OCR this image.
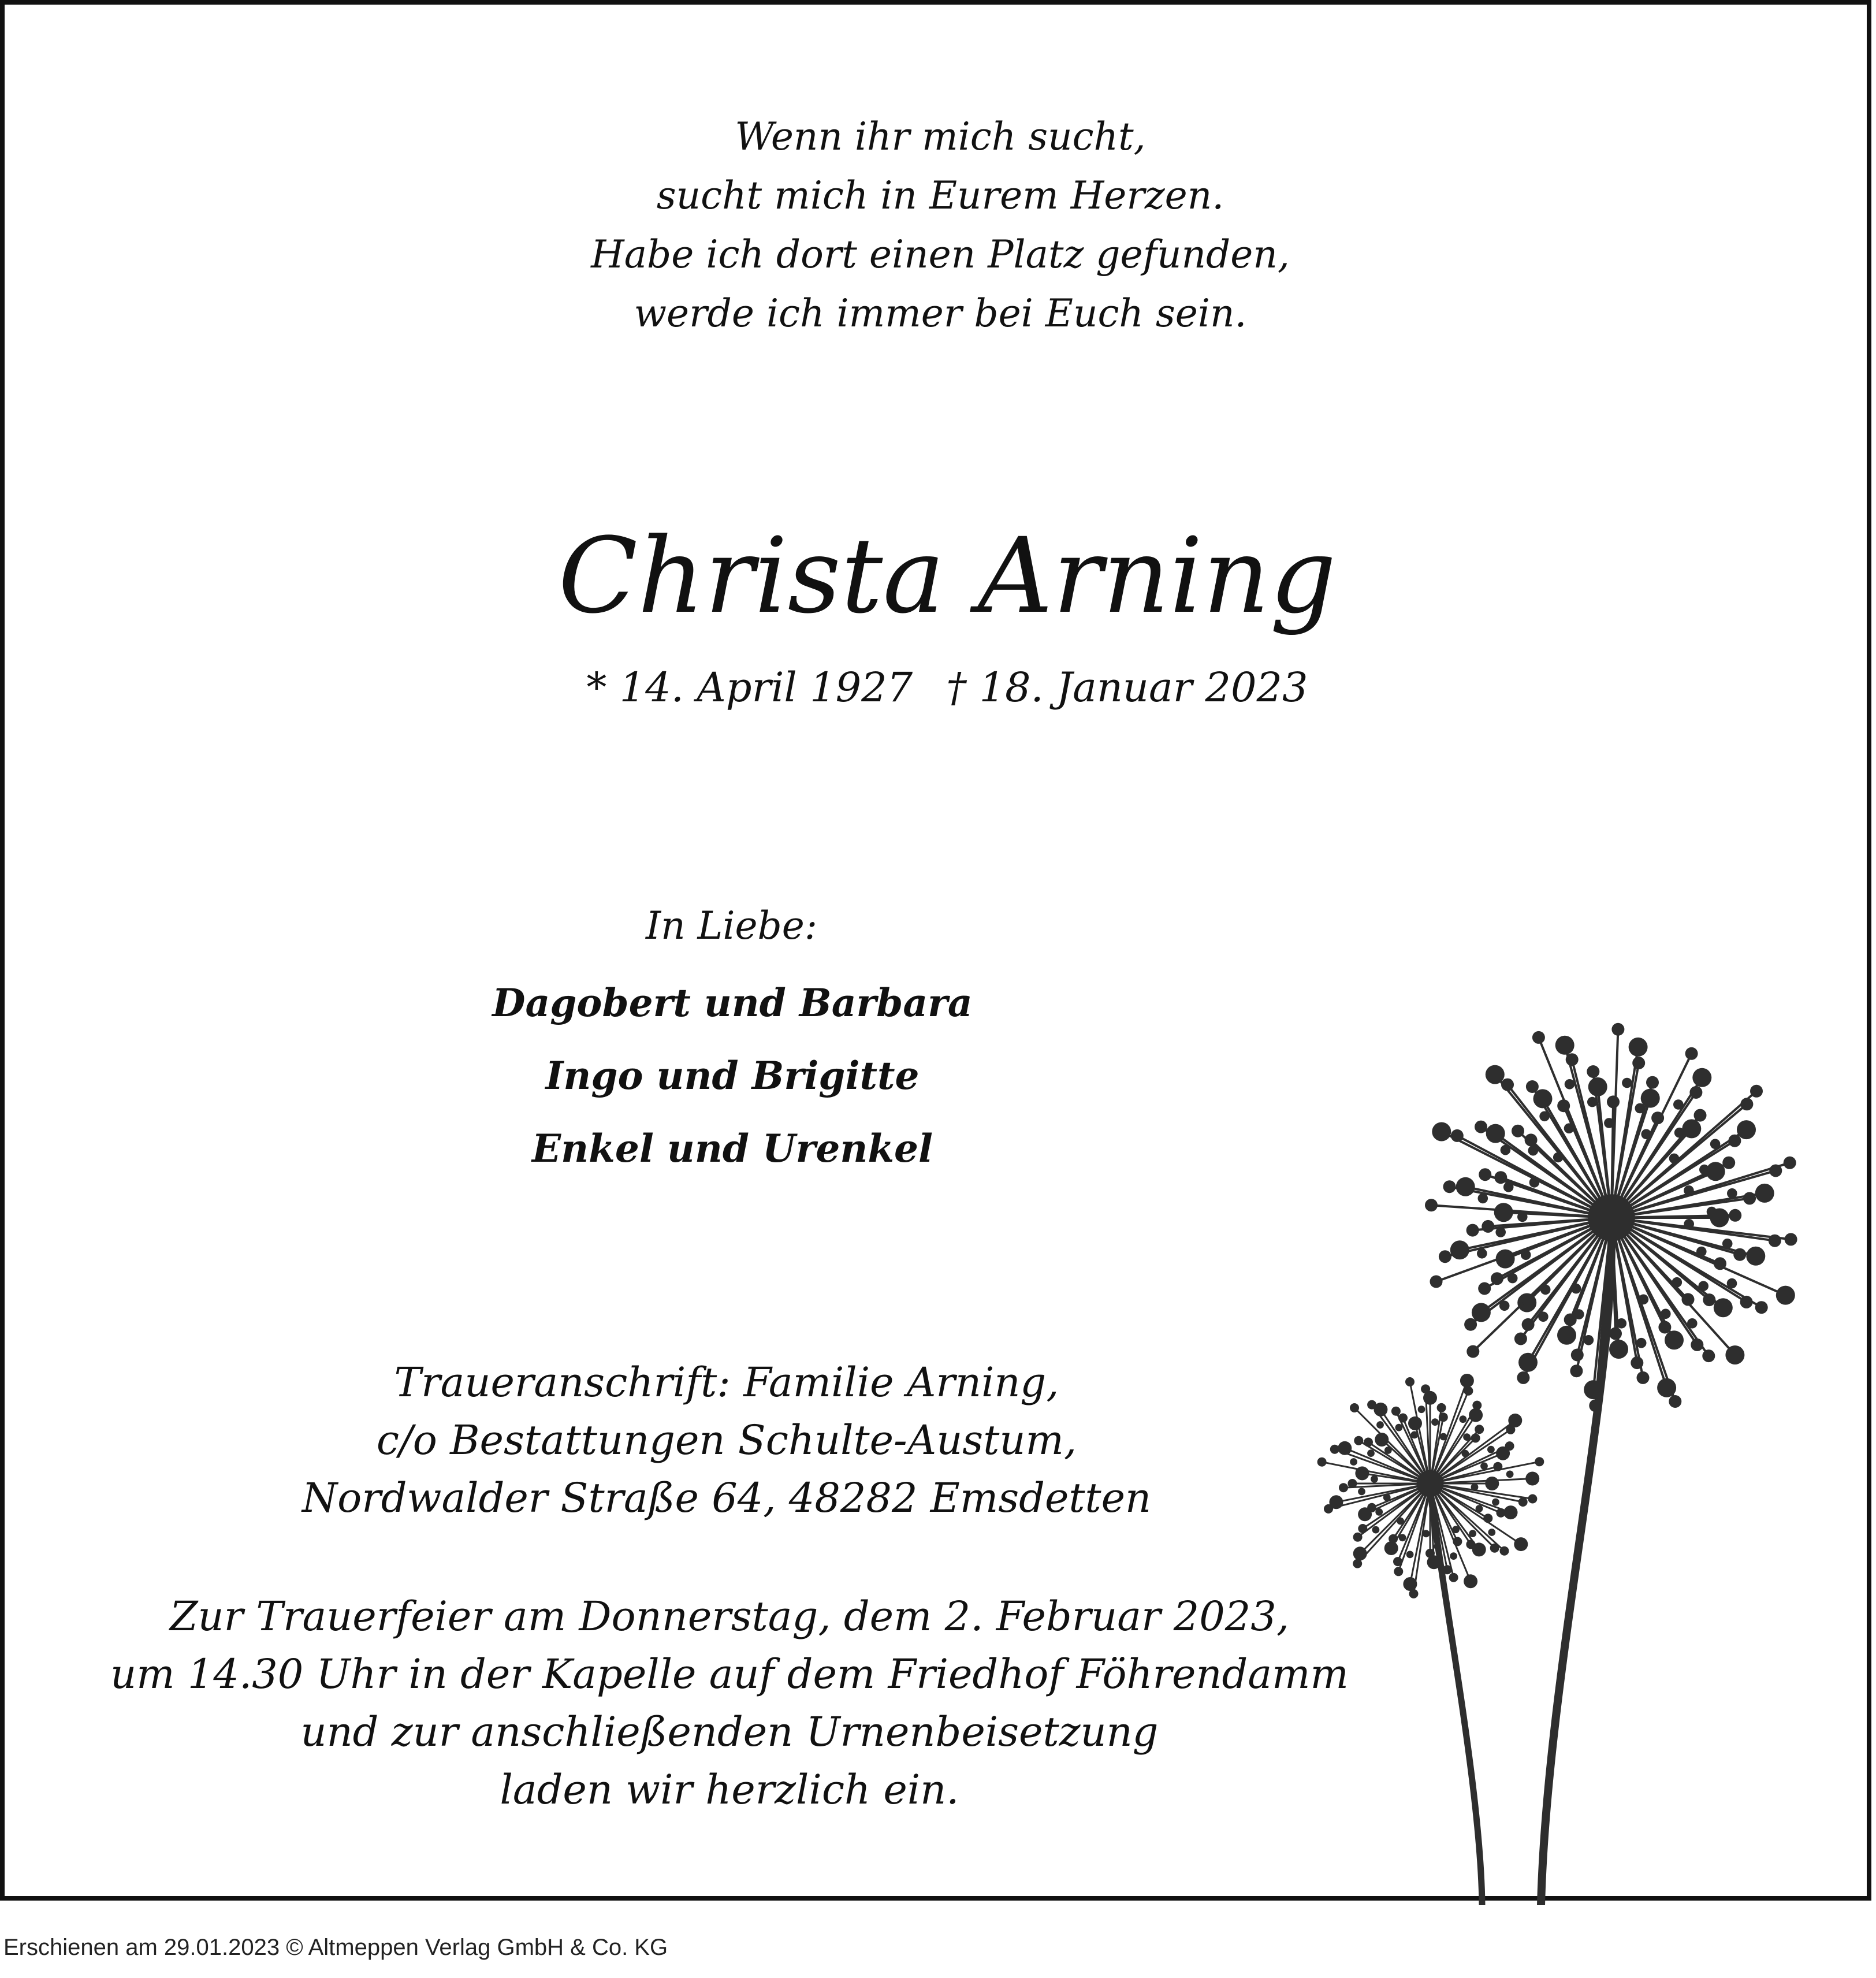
Wenn ihr mich sucht,
sucht mich in Eurem Herzen.
Habe ich dort einen Platz gefunden,
werde ich immer bei Euch sein.
Christa Arning
* 14. April 1927 † 18. Januar 2023
In Liebe:
Dagobert und Barbara
Ingo und Brigitte
Enkel und Urenkel
Traueranschrift: Familie Arning,
c/o Bestattungen Schulte-Austum,
Nordwalder Straße 64, 48282 Emsdetten
Zur Trauerfeier am Donnerstag, dem 2. Februar 2023,
um 14.30 Uhr in der Kapelle auf dem Friedhof Föhrendamm
und zur anschließenden Urnenbeisetzung
laden wir herzlich ein.
Erschienen am 29.01.2023 © Altmeppen Verlag GmbH & Co. KG
